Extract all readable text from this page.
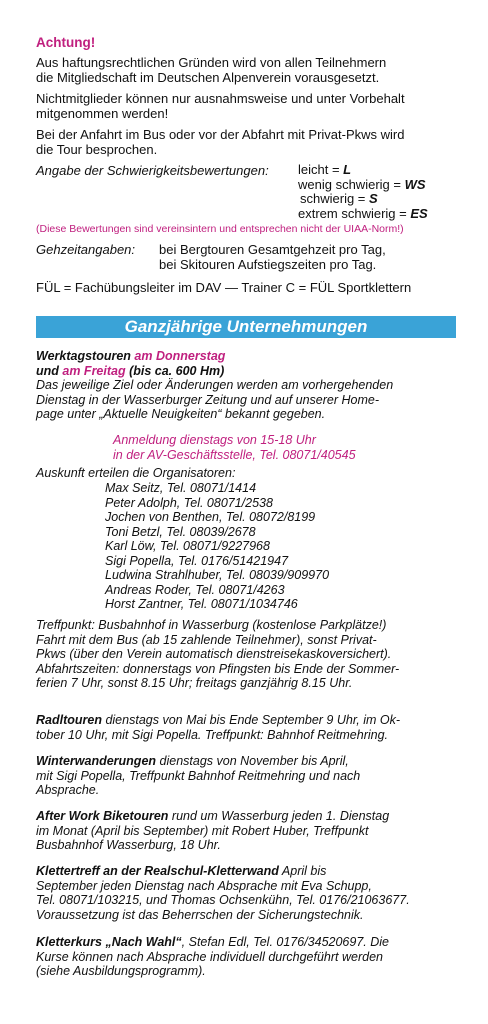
Achtung!

Aus haftungsrechtlichen Gründen wird von allen Teilnehmern

die Mitgliedschaft im Deutschen Alpenverein vorausgesetzt.

Nichtmitglieder können nur ausnahmsweise und unter Vorbehalt

mitgenommen werden!

Bei der Anfahrt im Bus oder vor der Abfahrt mit Privat-Pkws wird

die Tour besprochen.

Angabe der Schwierigkeitsbewertungen: leicht = L

wenig schwierig = WS

schwierig = S

extrem schwierig = ES

(Diese Bewertungen sind vereinsintern und entsprechen nicht der UIAA-Norm!)
Gehzeitangaben: bei Bergtouren Gesamtgehzeit pro Tag,

bei Skitouren Aufstiegszeiten pro Tag.

FÜL = Fachübungsleiter im DAV — Trainer C = FÜL Sportklettern
Ganzjährige Unternehmungen

Werktagstouren am Donnerstag

und am Freitag (bis ca. 600 Hm)

Das jeweilige Ziel oder Änderungen werden am vorhergehenden

Dienstag in der Wasserburger Zeitung und auf unserer Home-

page unter „Aktuelle Neuigkeiten“ bekannt gegeben.

Anmeldung dienstags von 15-18 Uhr

in der AV-Geschäftsstelle, Tel. 08071/40545

Auskunft erteilen die Organisatoren:

Max Seitz, Tel. 08071/1414

Peter Adolph, Tel. 08071/2538

Jochen von Benthen, Tel. 08072/8199

Toni Betzl, Tel. 08039/2678

Karl Löw, Tel. 08071/9227968

Sigi Popella, Tel. 0176/51421947

Ludwina Strahlhuber, Tel. 08039/909970

Andreas Roder, Tel. 08071/4263

Horst Zantner, Tel. 08071/1034746

Treffpunkt: Busbahnhof in Wasserburg (kostenlose Parkplätze!)

Fahrt mit dem Bus (ab 15 zahlende Teilnehmer), sonst Privat-

Pkws (über den Verein automatisch dienstreisekaskoversichert).

Abfahrtszeiten: donnerstags von Pfingsten bis Ende der Sommer-

ferien 7 Uhr, sonst 8.15 Uhr; freitags ganzjährig 8.15 Uhr.

Radltouren dienstags von Mai bis Ende September 9 Uhr, im Ok-

tober 10 Uhr, mit Sigi Popella. Treffpunkt: Bahnhof Reitmehring.

Winterwanderungen dienstags von November bis April,

mit Sigi Popella, Treffpunkt Bahnhof Reitmehring und nach

Absprache.

After Work Biketouren rund um Wasserburg jeden 1. Dienstag

im Monat (April bis September) mit Robert Huber, Treffpunkt

Busbahnhof Wasserburg, 18 Uhr.

Klettertreff an der Realschul-Kletterwand April bis

September jeden Dienstag nach Absprache mit Eva Schupp,

Tel. 08071/103215, und Thomas Ochsenkühn, Tel. 0176/21063677.

Voraussetzung ist das Beherrschen der Sicherungstechnik.

Kletterkurs „Nach Wahl“, Stefan Edl, Tel. 0176/34520697. Die

Kurse können nach Absprache individuell durchgeführt werden

(siehe Ausbildungsprogramm).
